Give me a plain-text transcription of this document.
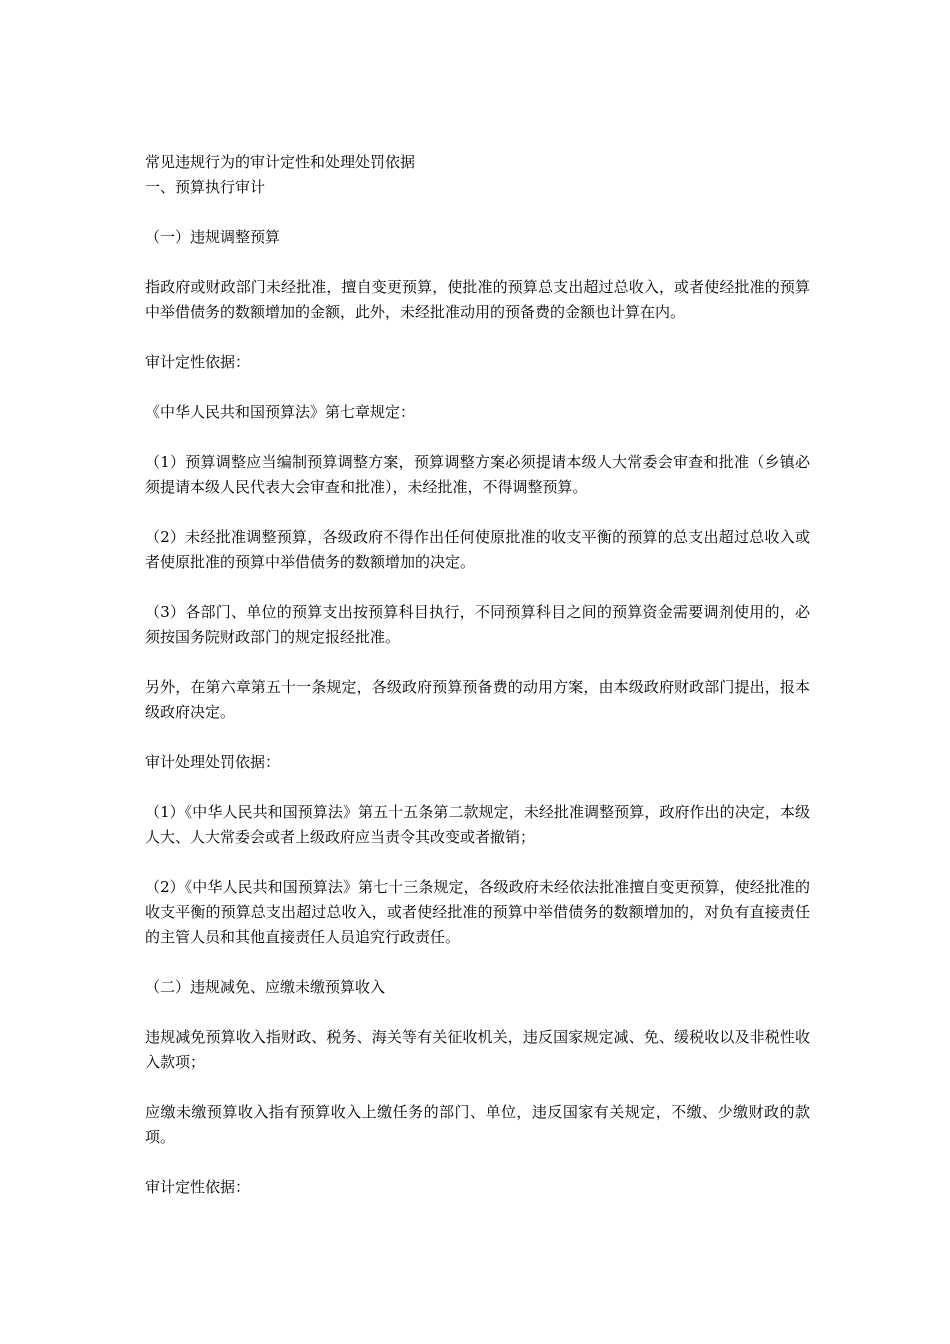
常见违规行为的审计定性和处理处罚依据

一、预算执行审计

（一）违规调整预算

指政府或财政部门未经批准，擅自变更预算，使批准的预算总支出超过总收入，或者使经批准的预算中举借债务的数额增加的金额，此外，未经批准动用的预备费的金额也计算在内。

审计定性依据：

《中华人民共和国预算法》第七章规定：

（1）预算调整应当编制预算调整方案，预算调整方案必须提请本级人大常委会审查和批准（乡镇必须提请本级人民代表大会审查和批准），未经批准，不得调整预算。

（2）未经批准调整预算，各级政府不得作出任何使原批准的收支平衡的预算的总支出超过总收入或者使原批准的预算中举借债务的数额增加的决定。

（3）各部门、单位的预算支出按预算科目执行，不同预算科目之间的预算资金需要调剂使用的，必须按国务院财政部门的规定报经批准。

另外，在第六章第五十一条规定，各级政府预算预备费的动用方案，由本级政府财政部门提出，报本级政府决定。

审计处理处罚依据：

（1）《中华人民共和国预算法》第五十五条第二款规定，未经批准调整预算，政府作出的决定，本级人大、人大常委会或者上级政府应当责令其改变或者撤销；

（2）《中华人民共和国预算法》第七十三条规定，各级政府未经依法批准擅自变更预算，使经批准的收支平衡的预算总支出超过总收入，或者使经批准的预算中举借债务的数额增加的，对负有直接责任的主管人员和其他直接责任人员追究行政责任。

（二）违规减免、应缴未缴预算收入

违规减免预算收入指财政、税务、海关等有关征收机关，违反国家规定减、免、缓税收以及非税性收入款项；

应缴未缴预算收入指有预算收入上缴任务的部门、单位，违反国家有关规定，不缴、少缴财政的款项。

审计定性依据：
